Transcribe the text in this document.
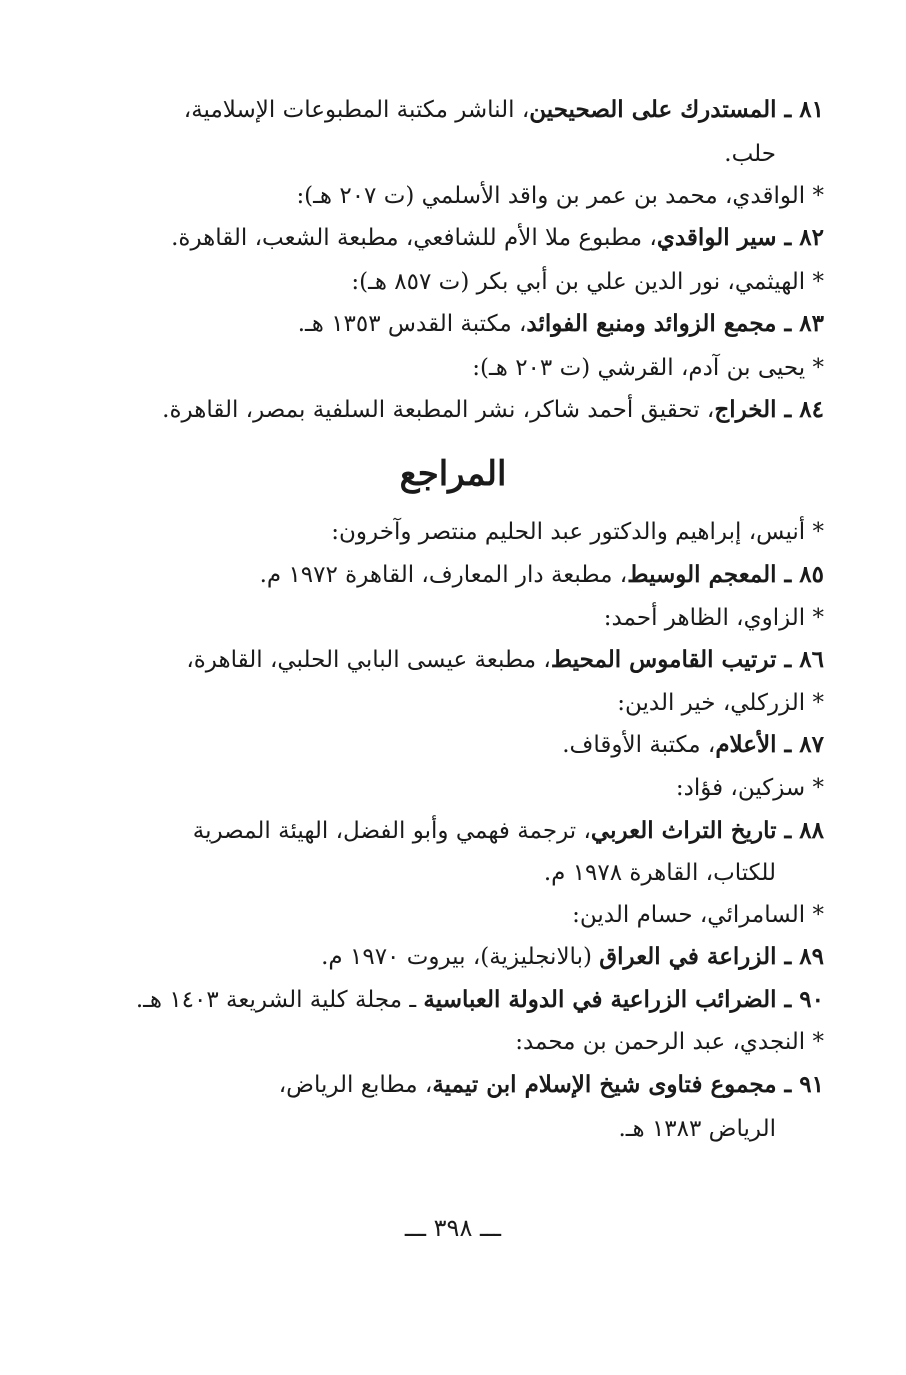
٨١ ـ المستدرك على الصحيحين، الناشر مكتبة المطبوعات الإسلامية،
حلب.
* الواقدي، محمد بن عمر بن واقد الأسلمي (ت ٢٠٧ هـ):
٨٢ ـ سير الواقدي، مطبوع ملا الأم للشافعي، مطبعة الشعب، القاهرة.
* الهيثمي، نور الدين علي بن أبي بكر (ت ٨٥٧ هـ):
٨٣ ـ مجمع الزوائد ومنبع الفوائد، مكتبة القدس ١٣٥٣ هـ.
* يحيى بن آدم، القرشي (ت ٢٠٣ هـ):
٨٤ ـ الخراج، تحقيق أحمد شاكر، نشر المطبعة السلفية بمصر، القاهرة.
المراجع
* أنيس، إبراهيم والدكتور عبد الحليم منتصر وآخرون:
٨٥ ـ المعجم الوسيط، مطبعة دار المعارف، القاهرة ١٩٧٢ م.
* الزاوي، الظاهر أحمد:
٨٦ ـ ترتيب القاموس المحيط، مطبعة عيسى البابي الحلبي، القاهرة،
* الزركلي، خير الدين:
٨٧ ـ الأعلام، مكتبة الأوقاف.
* سزكين، فؤاد:
٨٨ ـ تاريخ التراث العربي، ترجمة فهمي وأبو الفضل، الهيئة المصرية
للكتاب، القاهرة ١٩٧٨ م.
* السامرائي، حسام الدين:
٨٩ ـ الزراعة في العراق (بالانجليزية)، بيروت ١٩٧٠ م.
٩٠ ـ الضرائب الزراعية في الدولة العباسية ـ مجلة كلية الشريعة ١٤٠٣ هـ.
* النجدي، عبد الرحمن بن محمد:
٩١ ـ مجموع فتاوى شيخ الإسلام ابن تيمية، مطابع الرياض،
الرياض ١٣٨٣ هـ.
ـــ ٣٩٨ ـــ
